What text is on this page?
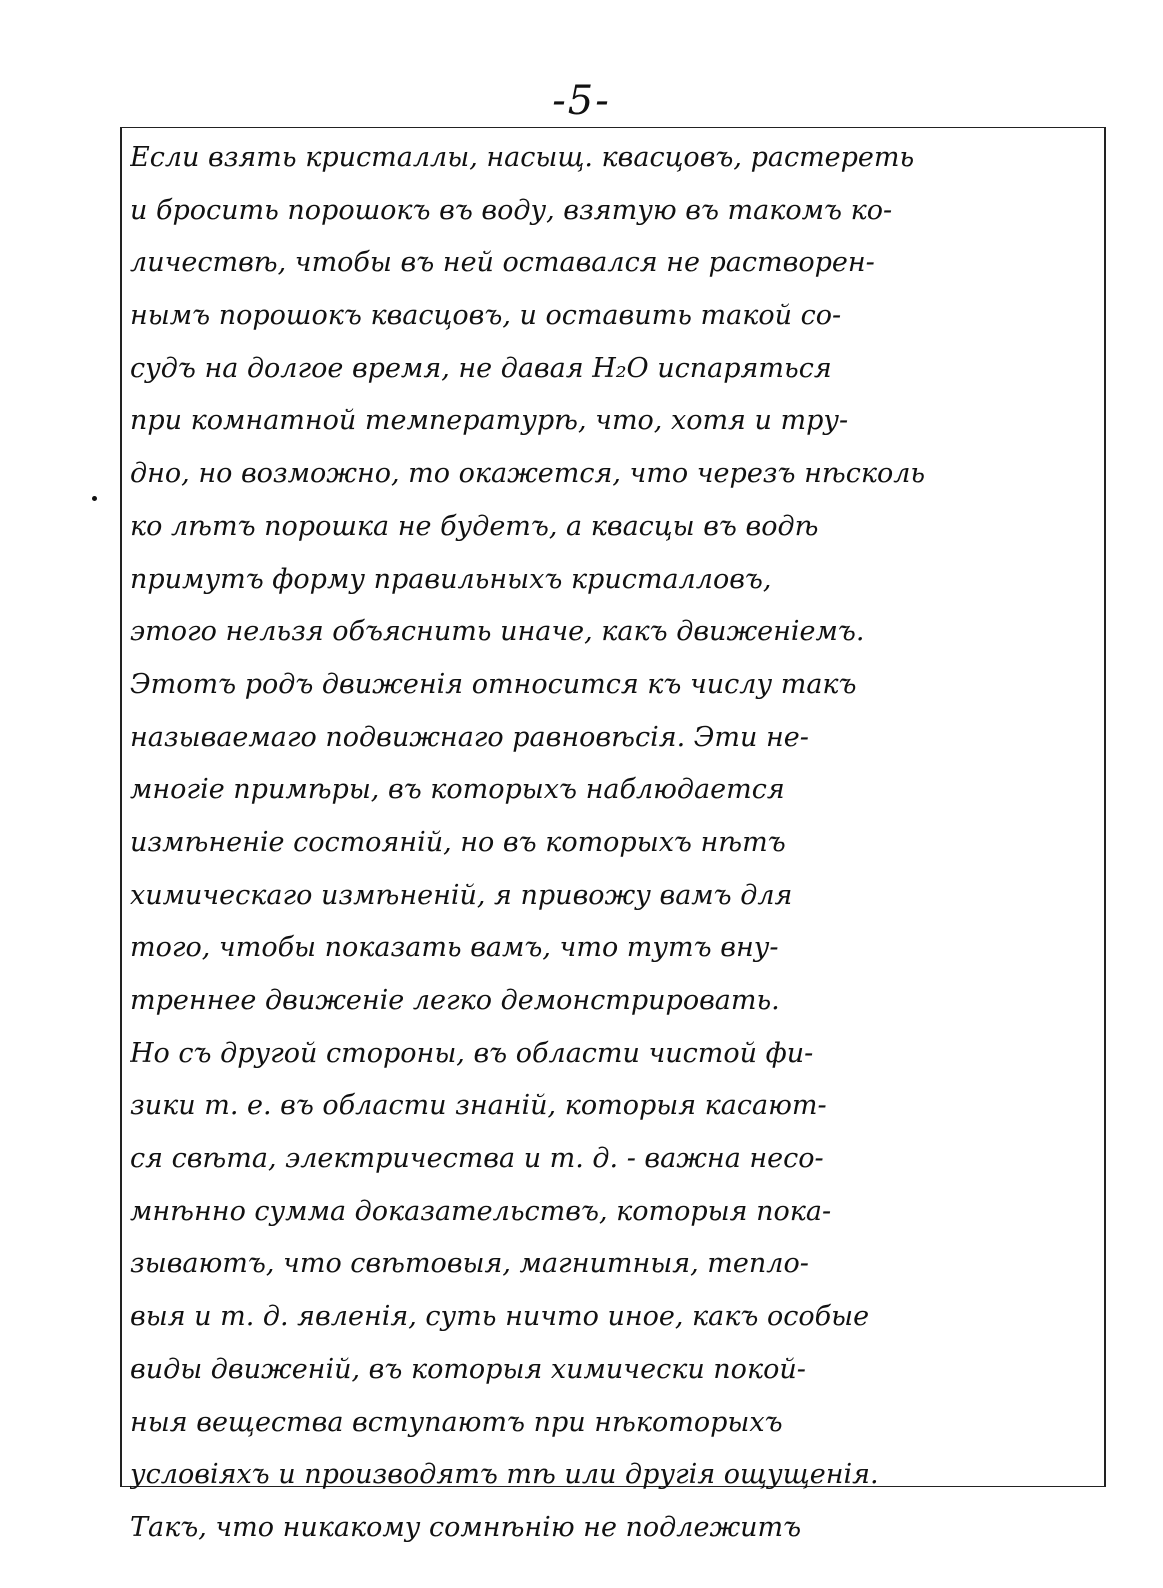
-5-
Если взять кристаллы, насыщ. квасцовъ, растереть
и бросить порошокъ въ воду, взятую въ такомъ ко-
личествѣ, чтобы въ ней оставался не растворен-
нымъ порошокъ квасцовъ, и оставить такой со-
судъ на долгое время, не давая H₂O испаряться
при комнатной температурѣ, что, хотя и тру-
дно, но возможно, то окажется, что черезъ нѣсколь
ко лѣтъ порошка не будетъ, а квасцы въ водѣ
примутъ форму правильныхъ кристалловъ,
этого нельзя объяснить иначе, какъ движеніемъ.
Этотъ родъ движенія относится къ числу такъ
называемаго подвижнаго равновѣсія. Эти не-
многіе примѣры, въ которыхъ наблюдается
измѣненіе состояній, но въ которыхъ нѣтъ
химическаго измѣненій, я привожу вамъ для
того, чтобы показать вамъ, что тутъ вну-
треннее движеніе легко демонстрировать.
Но съ другой стороны, въ области чистой фи-
зики т. е. въ области знаній, которыя касают-
ся свѣта, электричества и т. д. - важна несо-
мнѣнно сумма доказательствъ, которыя пока-
зываютъ, что свѣтовыя, магнитныя, тепло-
выя и т. д. явленія, суть ничто иное, какъ особые
виды движеній, въ которыя химически покой-
ныя вещества вступаютъ при нѣкоторыхъ
условіяхъ и производятъ тѣ или другія ощущенія.
Такъ, что никакому сомнѣнію не подлежитъ
